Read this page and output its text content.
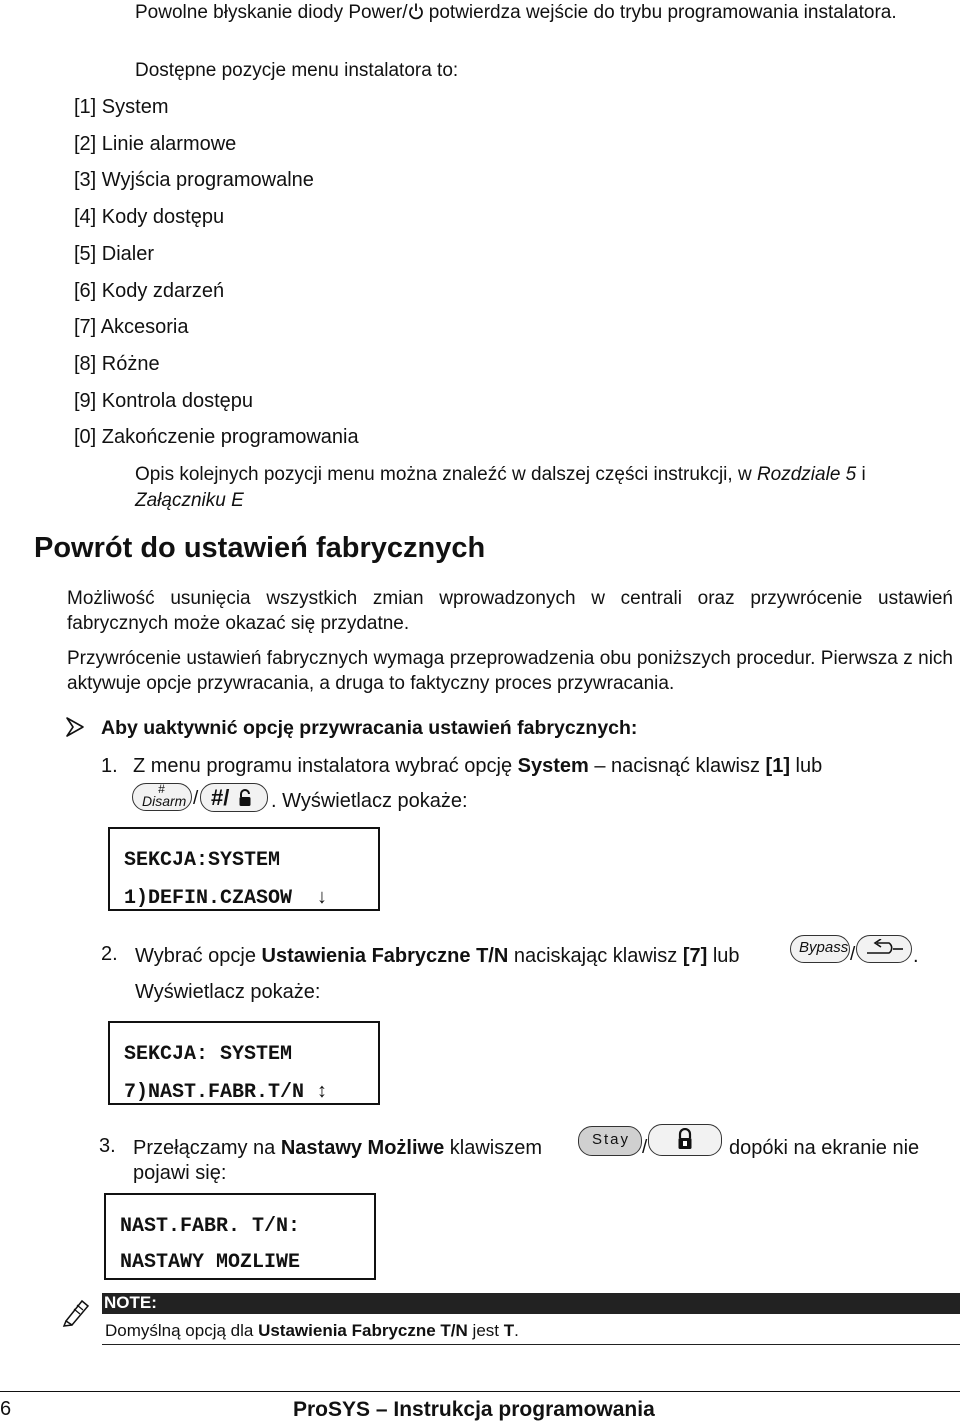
Powolne błyskanie diody Power/ potwierdza wejście do trybu programowania instalatora.

Dostępne pozycje menu instalatora to:

[1] System
[2] Linie alarmowe
[3] Wyjścia programowalne
[4] Kody dostępu
[5] Dialer
[6] Kody zdarzeń
[7] Akcesoria
[8] Różne
[9] Kontrola dostępu
[0] Zakończenie programowania

Opis kolejnych pozycji menu można znaleźć w dalszej części instrukcji, w Rozdziale 5 i Załączniku E

Powrót do ustawień fabrycznych

Możliwość usunięcia wszystkich zmian wprowadzonych w centrali oraz przywrócenie ustawień fabrycznych może okazać się przydatne.

Przywrócenie ustawień fabrycznych wymaga przeprowadzenia obu poniższych procedur. Pierwsza z nich aktywuje opcje przywracania, a druga to faktyczny proces przywracania.

Aby uaktywnić opcję przywracania ustawień fabrycznych:
1. Z menu programu instalatora wybrać opcję System – nacisnąć klawisz [1] lub
#
Disarm / #/ . Wyświetlacz pokaże:
SEKCJA:SYSTEM
1)DEFIN.CZASOW  ↓
2. Wybrać opcje Ustawienia Fabryczne T/N naciskając klawisz [7] lub	Bypass /	.
Wyświetlacz pokaże:
SEKCJA: SYSTEM
7)NAST.FABR.T/N ↕
3. Przełączamy na Nastawy Możliwe klawiszem	Stay /	dopóki na ekranie nie
pojawi się:
NAST.FABR. T/N:
NASTAWY MOZLIWE
NOTE:
Domyślną opcją dla Ustawienia Fabryczne T/N jest T.
6	ProSYS – Instrukcja programowania
